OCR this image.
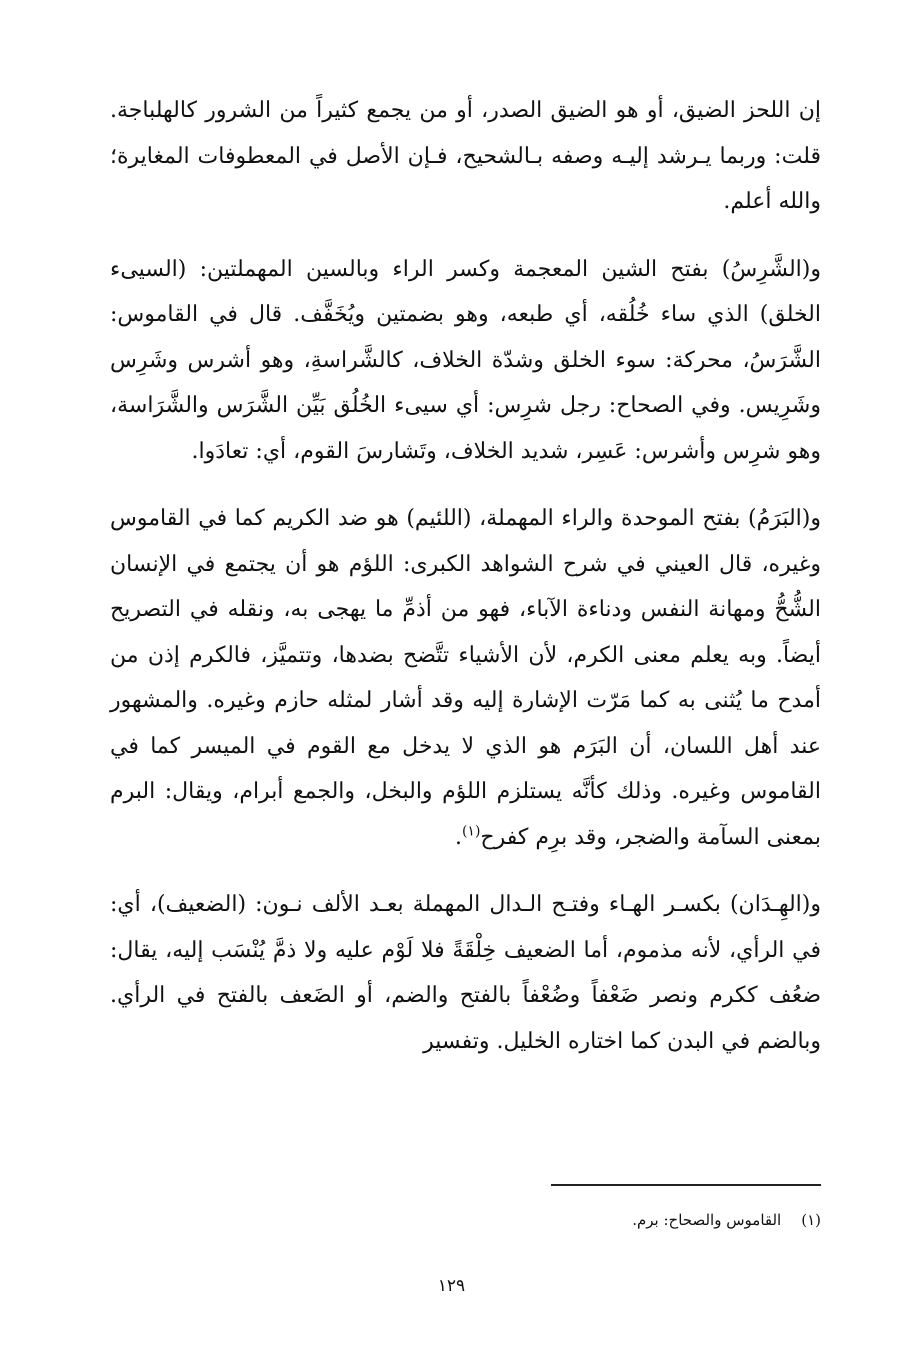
إن اللحز الضيق، أو هو الضيق الصدر، أو من يجمع كثيراً من الشرور كالهلباجة. قلت: وربما يـرشد إليـه وصفه بـالشحيح، فـإن الأصل في المعطوفات المغايرة؛ والله أعلم.

و(الشَّرِسُ) بفتح الشين المعجمة وكسر الراء وبالسين المهملتين: (السيىء الخلق) الذي ساء خُلُقه، أي طبعه، وهو بضمتين ويُخَفَّف. قال في القاموس: الشَّرَسُ، محركة: سوء الخلق وشدّة الخلاف، كالشَّراسةِ، وهو أشرس وشَرِس وشَرِيس. وفي الصحاح: رجل شرِس: أي سيىء الخُلُق بَيِّن الشَّرَس والشَّرَاسة، وهو شرِس وأشرس: عَسِر، شديد الخلاف، وتَشارسَ القوم، أي: تعادَوا.

و(البَرَمُ) بفتح الموحدة والراء المهملة، (اللئيم) هو ضد الكريم كما في القاموس وغيره، قال العيني في شرح الشواهد الكبرى: اللؤم هو أن يجتمع في الإنسان الشُّحُّ ومهانة النفس ودناءة الآباء، فهو من أذمِّ ما يهجى به، ونقله في التصريح أيضاً. وبه يعلم معنى الكرم، لأن الأشياء تتَّضح بضدها، وتتميَّز، فالكرم إذن من أمدح ما يُثنى به كما مَرّت الإشارة إليه وقد أشار لمثله حازم وغيره. والمشهور عند أهل اللسان، أن البَرَم هو الذي لا يدخل مع القوم في الميسر كما في القاموس وغيره. وذلك كأنَّه يستلزم اللؤم والبخل، والجمع أبرام، ويقال: البرم بمعنى السآمة والضجر، وقد برِم كفرح$^{(١)}$.

و(الهِـدَان) بكسـر الهـاء وفتـح الـدال المهملة بعـد الألف نـون: (الضعيف)، أي: في الرأي، لأنه مذموم، أما الضعيف خِلْقَةً فلا لَوْم عليه ولا ذمَّ يُنْسَب إليه، يقال: ضعُف ككرم ونصر ضَعْفاً وضُعْفاً بالفتح والضم، أو الضَعف بالفتح في الرأي. وبالضم في البدن كما اختاره الخليل. وتفسير

(١)القاموس والصحاح: برم.
١٢٩
